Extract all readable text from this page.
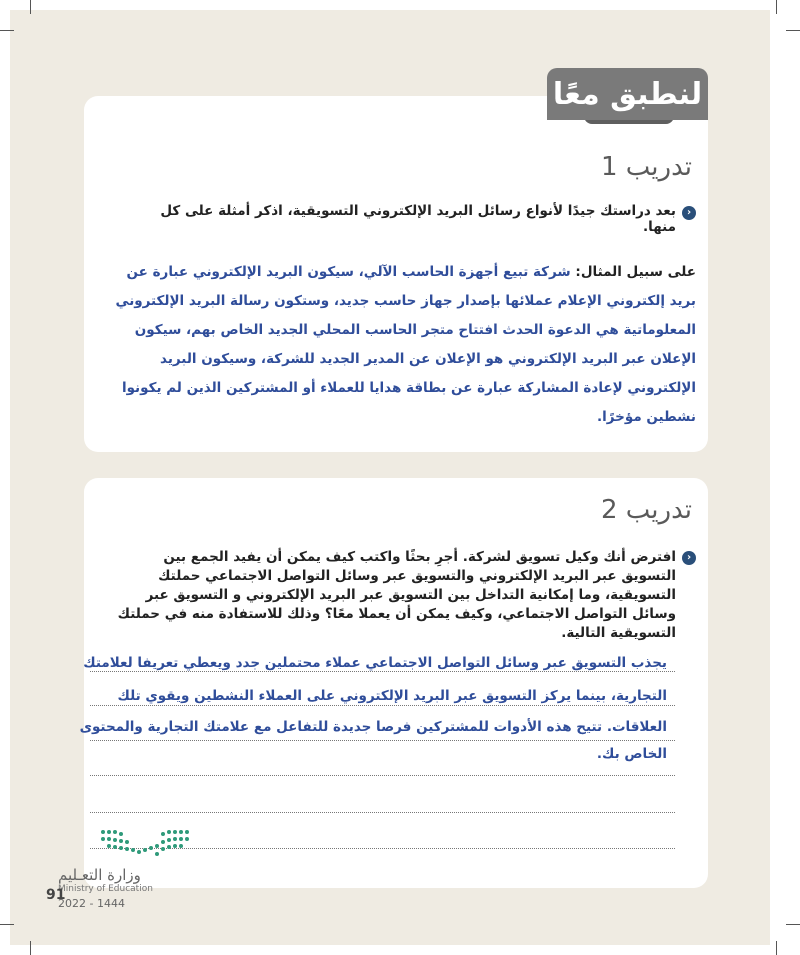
لنطبق معًا
تدريب 1
‹
بعد دراستك جيدًا لأنواع رسائل البريد الإلكتروني التسويقية، اذكر أمثلة على كل منها.
على سبيل المثال: شركة تبيع أجهزة الحاسب الآلي، سيكون البريد الإلكتروني عبارة عن بريد إلكتروني الإعلام عملائها بإصدار جهاز حاسب جديد، وستكون رسالة البريد الإلكتروني المعلوماتية هي الدعوة الحدث افتتاح متجر الحاسب المحلي الجديد الخاص بهم، سيكون الإعلان عبر البريد الإلكتروني هو الإعلان عن المدير الجديد للشركة، وسيكون البريد الإلكتروني لإعادة المشاركة عبارة عن بطاقة هدايا للعملاء أو المشتركين الذين لم يكونوا نشطين مؤخرًا.
تدريب 2
‹
افترض أنك وكيل تسويق لشركة. أجرِ بحثًا واكتب كيف يمكن أن يفيد الجمع بين التسويق عبر البريد الإلكتروني والتسويق عبر وسائل التواصل الاجتماعي حملتك التسويقية، وما إمكانية التداخل بين التسويق عبر البريد الإلكتروني و التسويق عبر وسائل التواصل الاجتماعي، وكيف يمكن أن يعملا معًا؟ وذلك للاستفادة منه في حملتك التسويقية التالية.
يجذب التسويق عبر وسائل التواصل الاجتماعي عملاء محتملين جدد ويعطي تعريفا لعلامتك
التجارية، بينما يركز التسويق عبر البريد الإلكتروني على العملاء النشطين ويقوي تلك
العلاقات. تتيح هذه الأدوات للمشتركين فرصا جديدة للتفاعل مع علامتك التجارية والمحتوى
الخاص بك.
وزارة التعـليم
Ministry of Education
91
2022 - 1444
